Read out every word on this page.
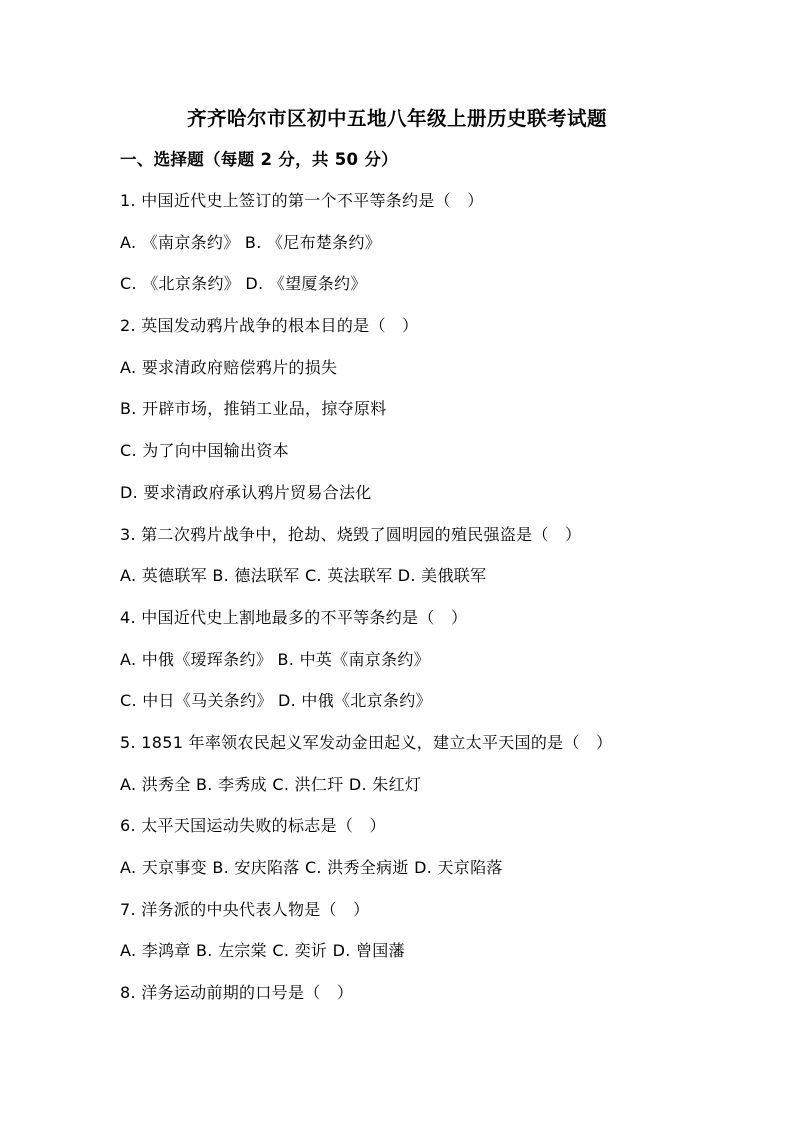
齐齐哈尔市区初中五地八年级上册历史联考试题
一、选择题（每题 2 分，共 50 分）
1. 中国近代史上签订的第一个不平等条约是（　）
A. 《南京条约》 B. 《尼布楚条约》
C. 《北京条约》 D. 《望厦条约》
2. 英国发动鸦片战争的根本目的是（　）
A. 要求清政府赔偿鸦片的损失
B. 开辟市场，推销工业品，掠夺原料
C. 为了向中国输出资本
D. 要求清政府承认鸦片贸易合法化
3. 第二次鸦片战争中，抢劫、烧毁了圆明园的殖民强盗是（　）
A. 英德联军 B. 德法联军 C. 英法联军 D. 美俄联军
4. 中国近代史上割地最多的不平等条约是（　）
A. 中俄《瑷珲条约》 B. 中英《南京条约》
C. 中日《马关条约》 D. 中俄《北京条约》
5. 1851 年率领农民起义军发动金田起义，建立太平天国的是（　）
A. 洪秀全 B. 李秀成 C. 洪仁玕 D. 朱红灯
6. 太平天国运动失败的标志是（　）
A. 天京事变 B. 安庆陷落 C. 洪秀全病逝 D. 天京陷落
7. 洋务派的中央代表人物是（　）
A. 李鸿章 B. 左宗棠 C. 奕䜣 D. 曾国藩
8. 洋务运动前期的口号是（　）
